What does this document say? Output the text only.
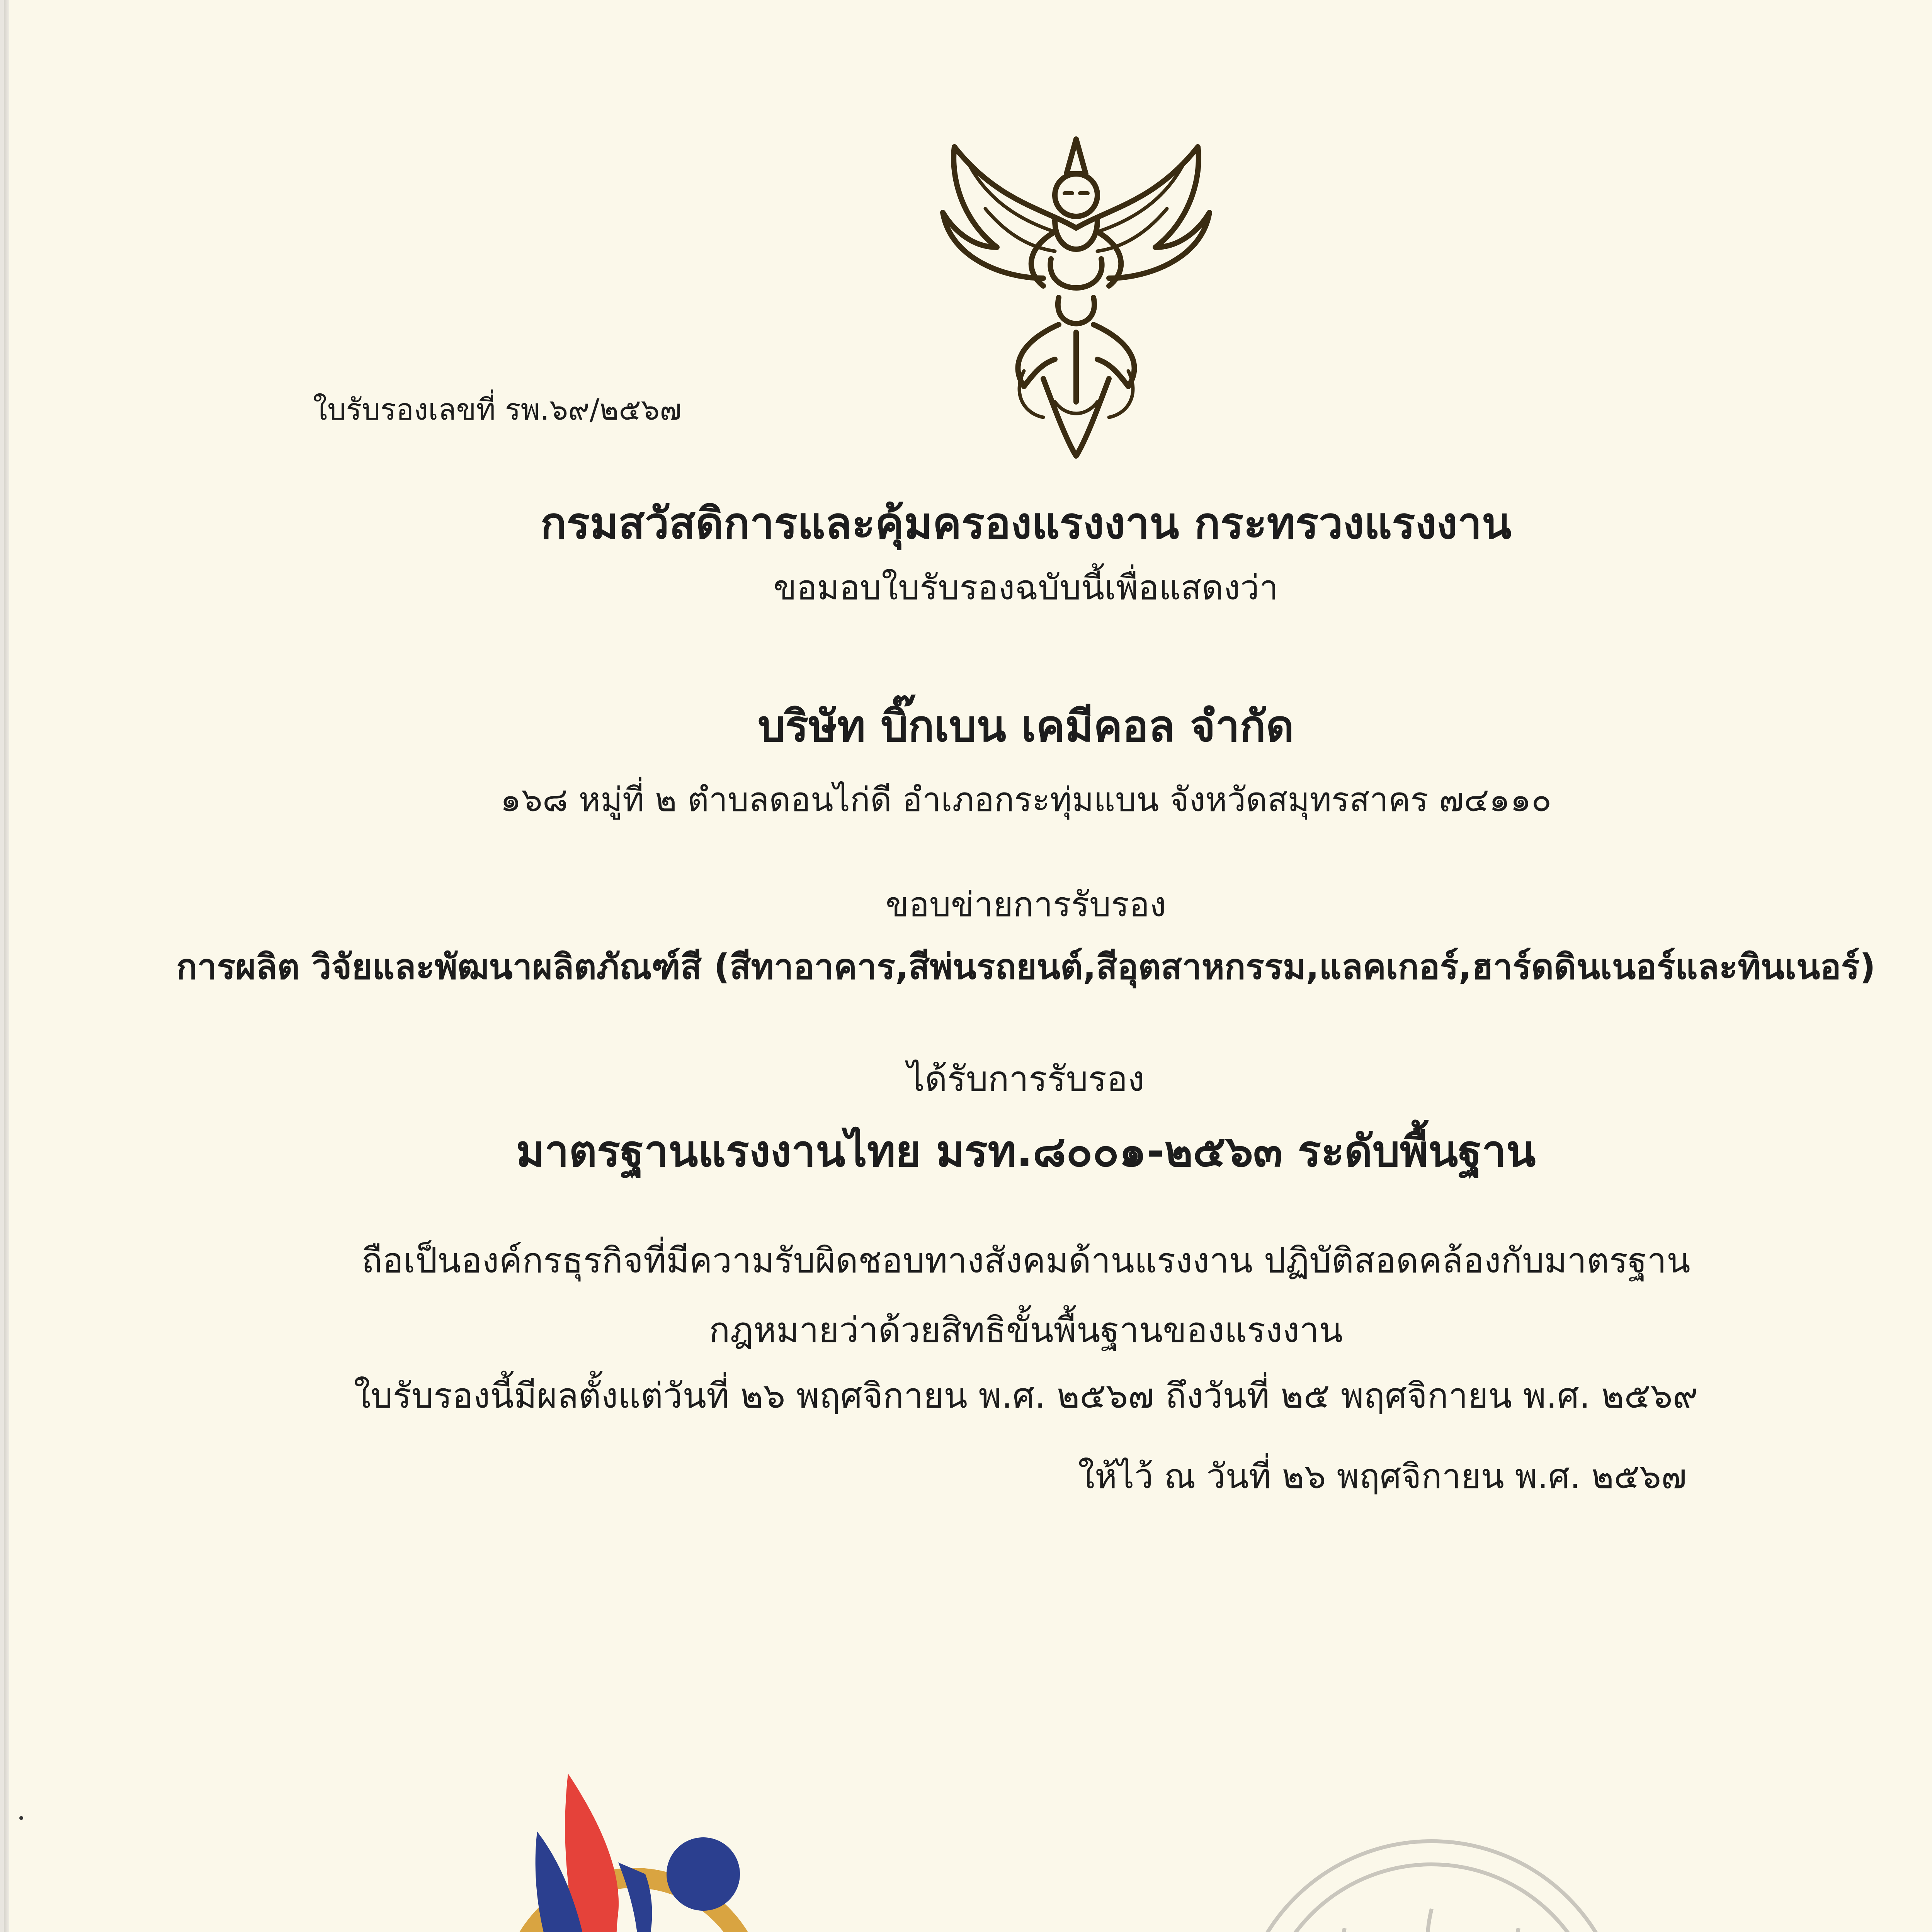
ใบรับรองเลขที่ รพ.๖๙/๒๕๖๗
กรมสวัสดิการและคุ้มครองแรงงาน กระทรวงแรงงาน
ขอมอบใบรับรองฉบับนี้เพื่อแสดงว่า
บริษัท บิ๊กเบน เคมีคอล จำกัด
๑๖๘ หมู่ที่ ๒ ตำบลดอนไก่ดี อำเภอกระทุ่มแบน จังหวัดสมุทรสาคร ๗๔๑๑๐
ขอบข่ายการรับรอง
การผลิต วิจัยและพัฒนาผลิตภัณฑ์สี (สีทาอาคาร,สีพ่นรถยนต์,สีอุตสาหกรรม,แลคเกอร์,ฮาร์ดดินเนอร์และทินเนอร์)
ได้รับการรับรอง
มาตรฐานแรงงานไทย มรท.๘๐๐๑-๒๕๖๓ ระดับพื้นฐาน
ถือเป็นองค์กรธุรกิจที่มีความรับผิดชอบทางสังคมด้านแรงงาน ปฏิบัติสอดคล้องกับมาตรฐาน
กฎหมายว่าด้วยสิทธิขั้นพื้นฐานของแรงงาน
ใบรับรองนี้มีผลตั้งแต่วันที่ ๒๖ พฤศจิกายน พ.ศ. ๒๕๖๗ ถึงวันที่ ๒๕ พฤศจิกายน พ.ศ. ๒๕๖๙
ให้ไว้ ณ วันที่ ๒๖ พฤศจิกายน พ.ศ. ๒๕๖๗
